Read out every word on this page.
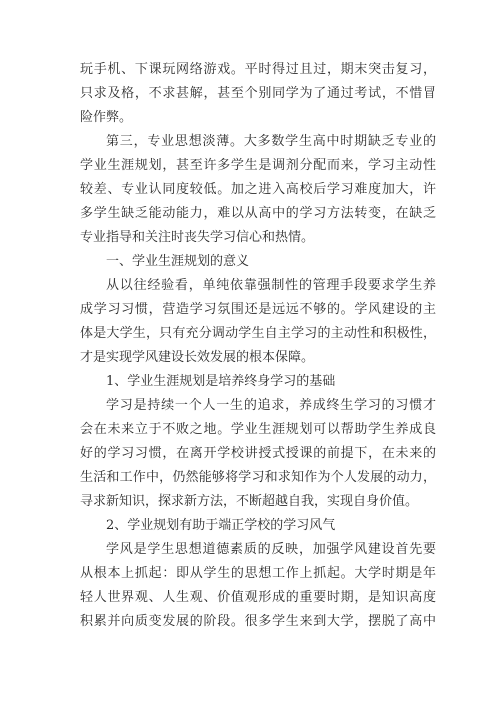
玩手机、下课玩网络游戏。平时得过且过，期末突击复习，
只求及格，不求甚解，甚至个别同学为了通过考试，不惜冒
险作弊。
第三，专业思想淡薄。大多数学生高中时期缺乏专业的
学业生涯规划，甚至许多学生是调剂分配而来，学习主动性
较差、专业认同度较低。加之进入高校后学习难度加大，许
多学生缺乏能动能力，难以从高中的学习方法转变，在缺乏
专业指导和关注时丧失学习信心和热情。
一、学业生涯规划的意义
从以往经验看，单纯依靠强制性的管理手段要求学生养
成学习习惯，营造学习氛围还是远远不够的。学风建设的主
体是大学生，只有充分调动学生自主学习的主动性和积极性，
才是实现学风建设长效发展的根本保障。
1、学业生涯规划是培养终身学习的基础
学习是持续一个人一生的追求，养成终生学习的习惯才
会在未来立于不败之地。学业生涯规划可以帮助学生养成良
好的学习习惯，在离开学校讲授式授课的前提下，在未来的
生活和工作中，仍然能够将学习和求知作为个人发展的动力，
寻求新知识，探求新方法，不断超越自我，实现自身价值。
2、学业规划有助于端正学校的学习风气
学风是学生思想道德素质的反映，加强学风建设首先要
从根本上抓起：即从学生的思想工作上抓起。大学时期是年
轻人世界观、人生观、价值观形成的重要时期，是知识高度
积累并向质变发展的阶段。很多学生来到大学，摆脱了高中
